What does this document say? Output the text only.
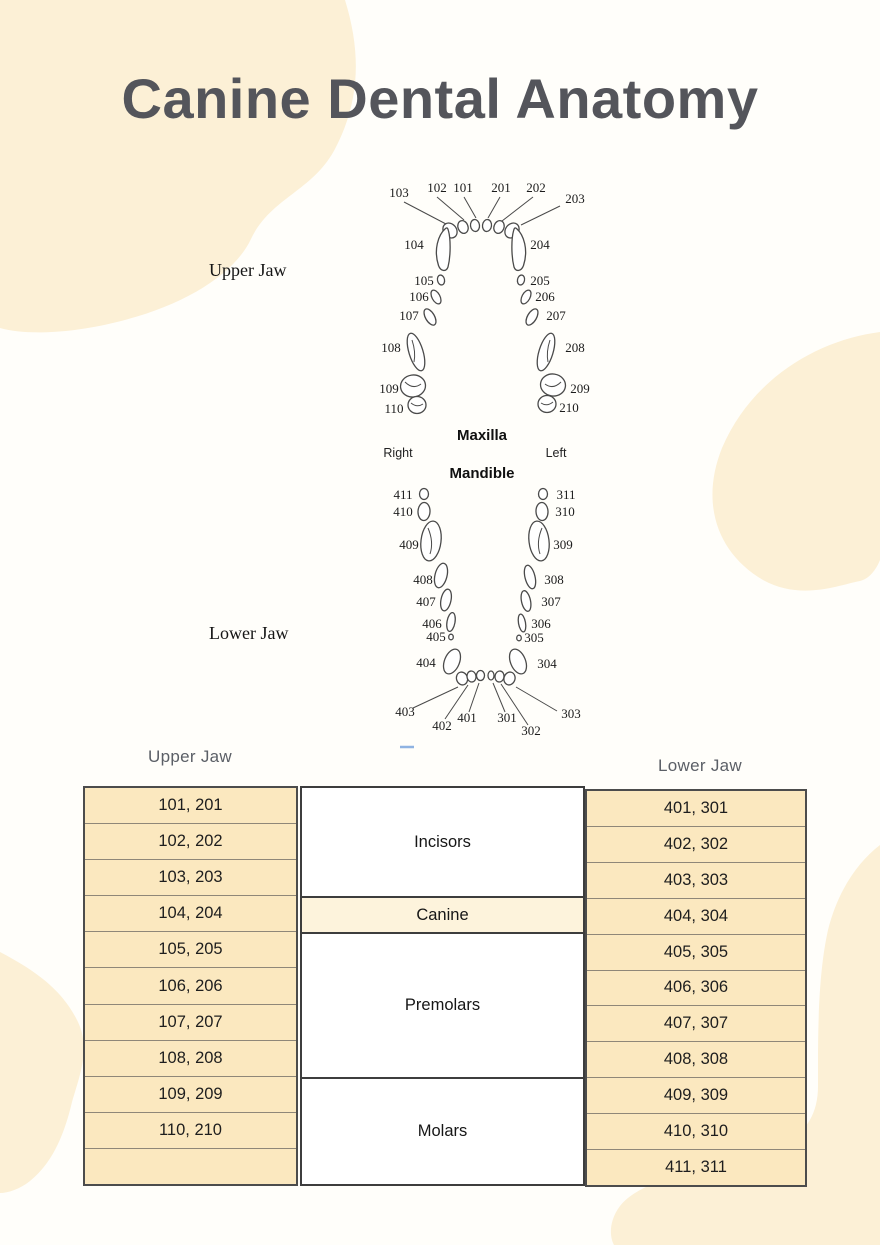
Canine Dental Anatomy
Upper Jaw
Lower Jaw
103 102 101 201 202
203
104	204
105	205
106	206
107	207
108	208
109	209
110	210
Maxilla
Right	Left
Mandible
411	311
410	310
409	309
408	308
407	307
406	306
405	305
404	304
403
402
401 301
302
303
Upper Jaw	Lower Jaw
101, 201
102, 202
103, 203
104, 204
105, 205
106, 206
107, 207
108, 208
109, 209
110, 210
Incisors
Canine
Premolars
Molars
401, 301
402, 302
403, 303
404, 304
405, 305
406, 306
407, 307
408, 308
409, 309
410, 310
411, 311
